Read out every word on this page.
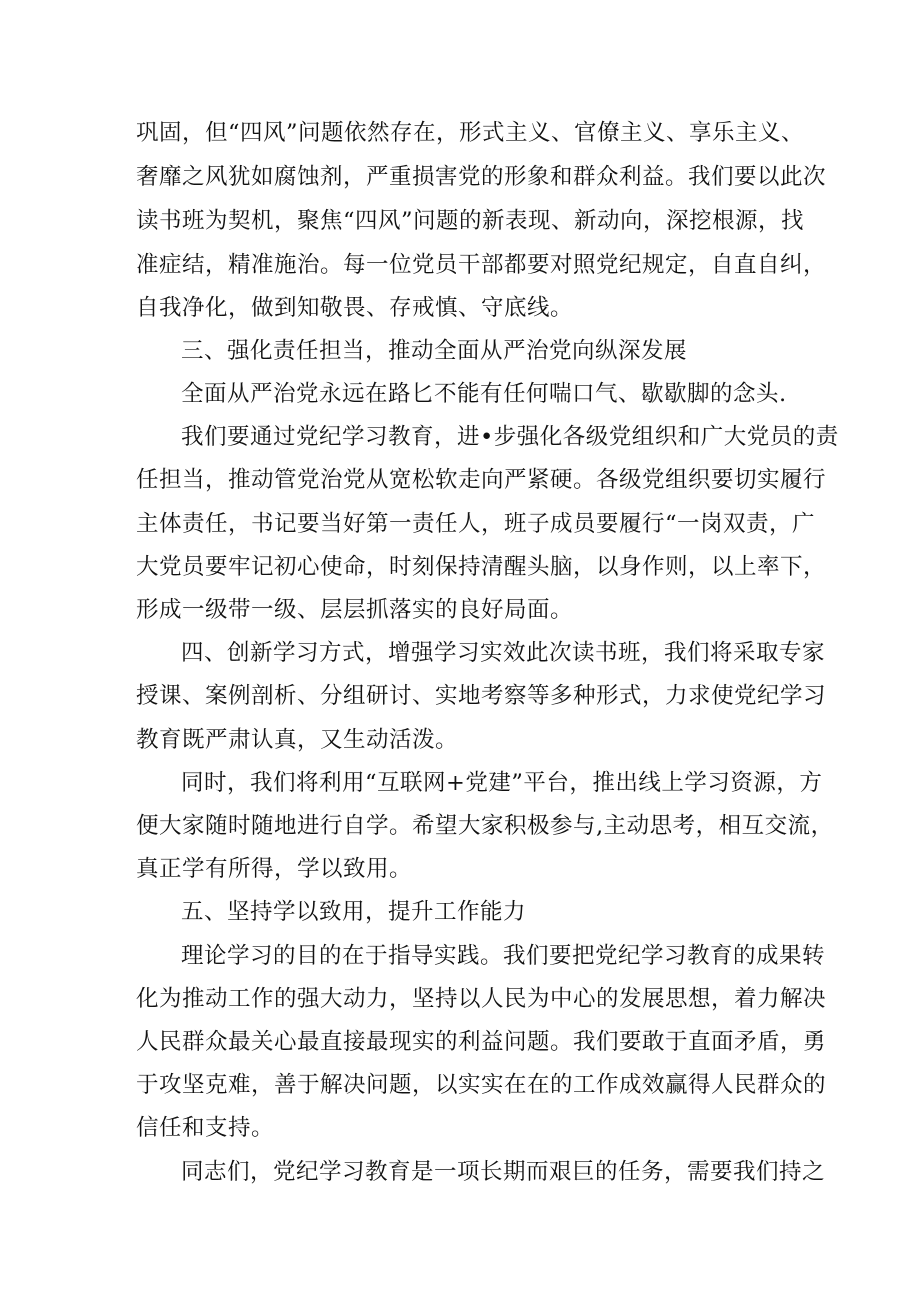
巩固，但“四风”问题依然存在，形式主义、官僚主义、享乐主义、
奢靡之风犹如腐蚀剂，严重损害党的形象和群众利益。我们要以此次
读书班为契机，聚焦“四风”问题的新表现、新动向，深挖根源，找
准症结，精准施治。每一位党员干部都要对照党纪规定，自直自纠，
自我净化，做到知敬畏、存戒慎、守底线。
三、强化责任担当，推动全面从严治党向纵深发展
全面从严治党永远在路匕不能有任何喘口气、歇歇脚的念头.
我们要通过党纪学习教育，进•步强化各级党组织和广大党员的责
任担当，推动管党治党从宽松软走向严紧硬。各级党组织要切实履行
主体责任，书记要当好第一责任人，班子成员要履行“一岗双责，广
大党员要牢记初心使命，时刻保持清醒头脑，以身作则，以上率下，
形成一级带一级、层层抓落实的良好局面。
四、创新学习方式，增强学习实效此次读书班，我们将采取专家
授课、案例剖析、分组研讨、实地考察等多种形式，力求使党纪学习
教育既严肃认真，又生动活泼。
同时，我们将利用“互联网+党建”平台，推出线上学习资源，方
便大家随时随地进行自学。希望大家积极参与,主动思考，相互交流，
真正学有所得，学以致用。
五、坚持学以致用，提升工作能力
理论学习的目的在于指导实践。我们要把党纪学习教育的成果转
化为推动工作的强大动力，坚持以人民为中心的发展思想，着力解决
人民群众最关心最直接最现实的利益问题。我们要敢于直面矛盾，勇
于攻坚克难，善于解决问题，以实实在在的工作成效赢得人民群众的
信任和支持。
同志们，党纪学习教育是一项长期而艰巨的任务，需要我们持之
